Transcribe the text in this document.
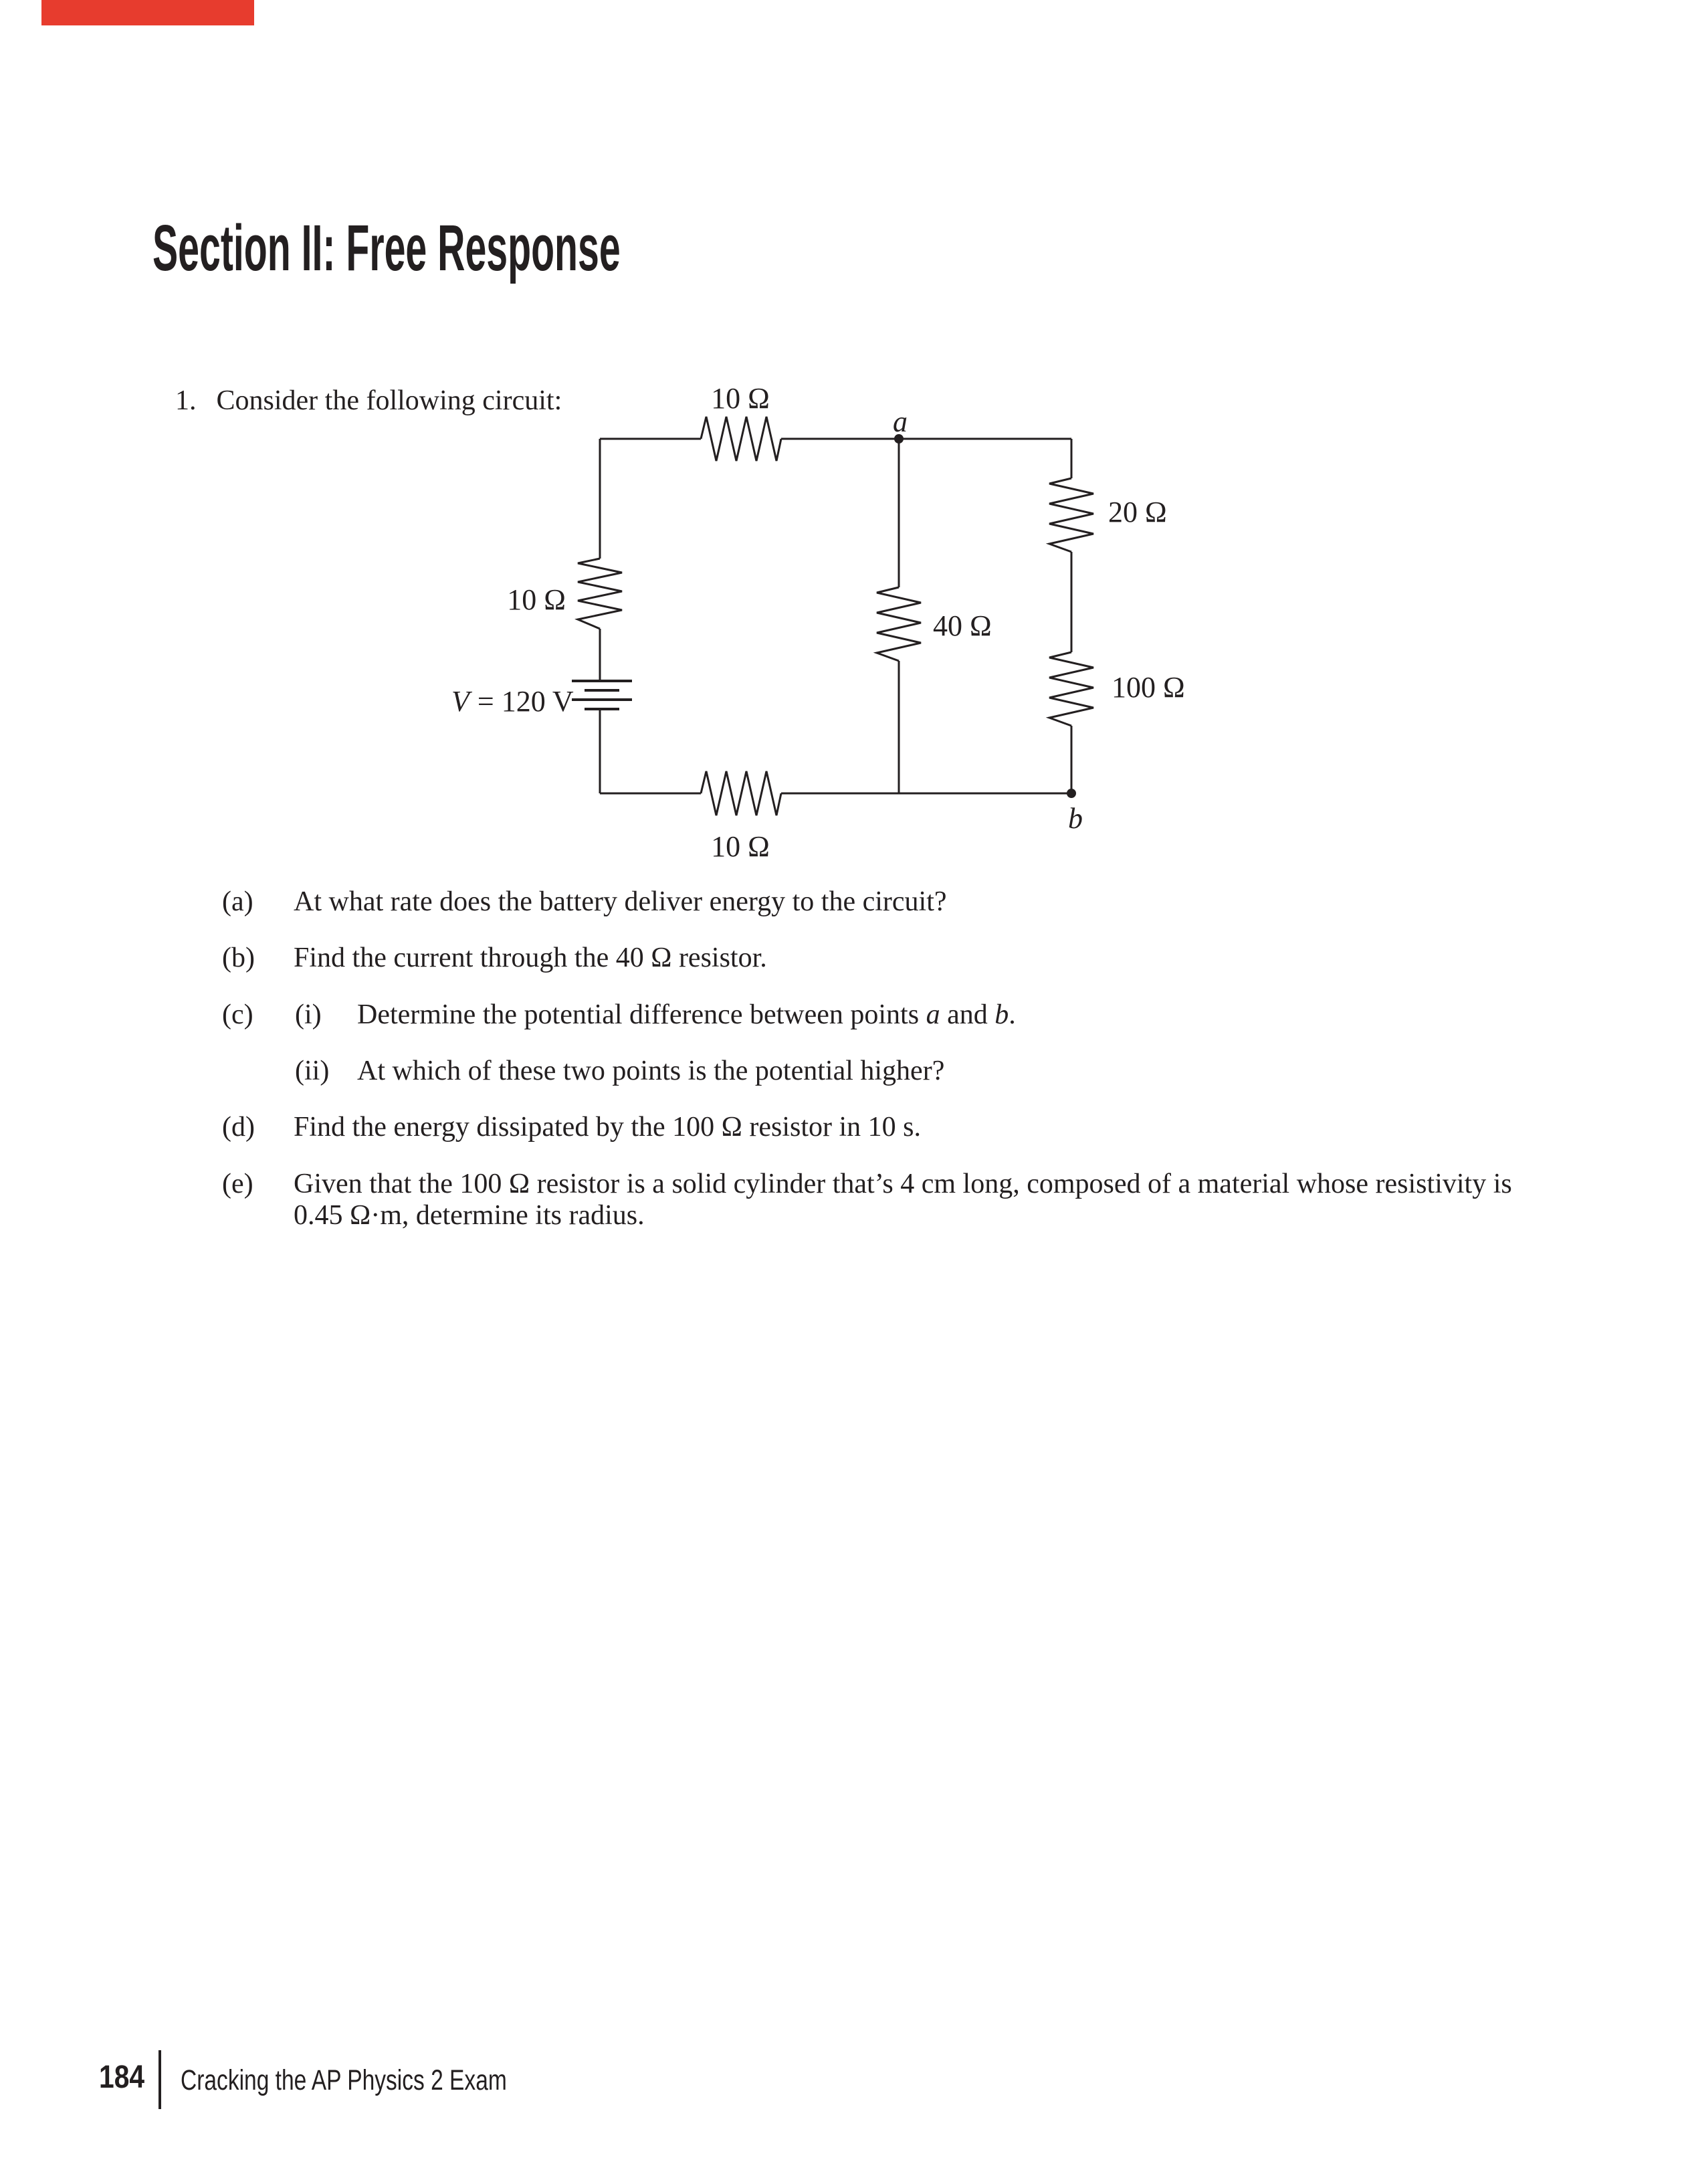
Section II: Free Response
1. Consider the following circuit:	10 Ω
a
10 Ω
V = 120 V
40 Ω
20 Ω
100 Ω
10 Ω
b
(a) At what rate does the battery deliver energy to the circuit?
(b) Find the current through the 40 Ω resistor.
(c) (i) Determine the potential difference between points a and b.
(ii) At which of these two points is the potential higher?
(d) Find the energy dissipated by the 100 Ω resistor in 10 s.
(e) Given that the 100 Ω resistor is a solid cylinder that’s 4 cm long, composed of a material whose resistivity is
0.45 Ω·m, determine its radius.
184 Cracking the AP Physics 2 Exam
